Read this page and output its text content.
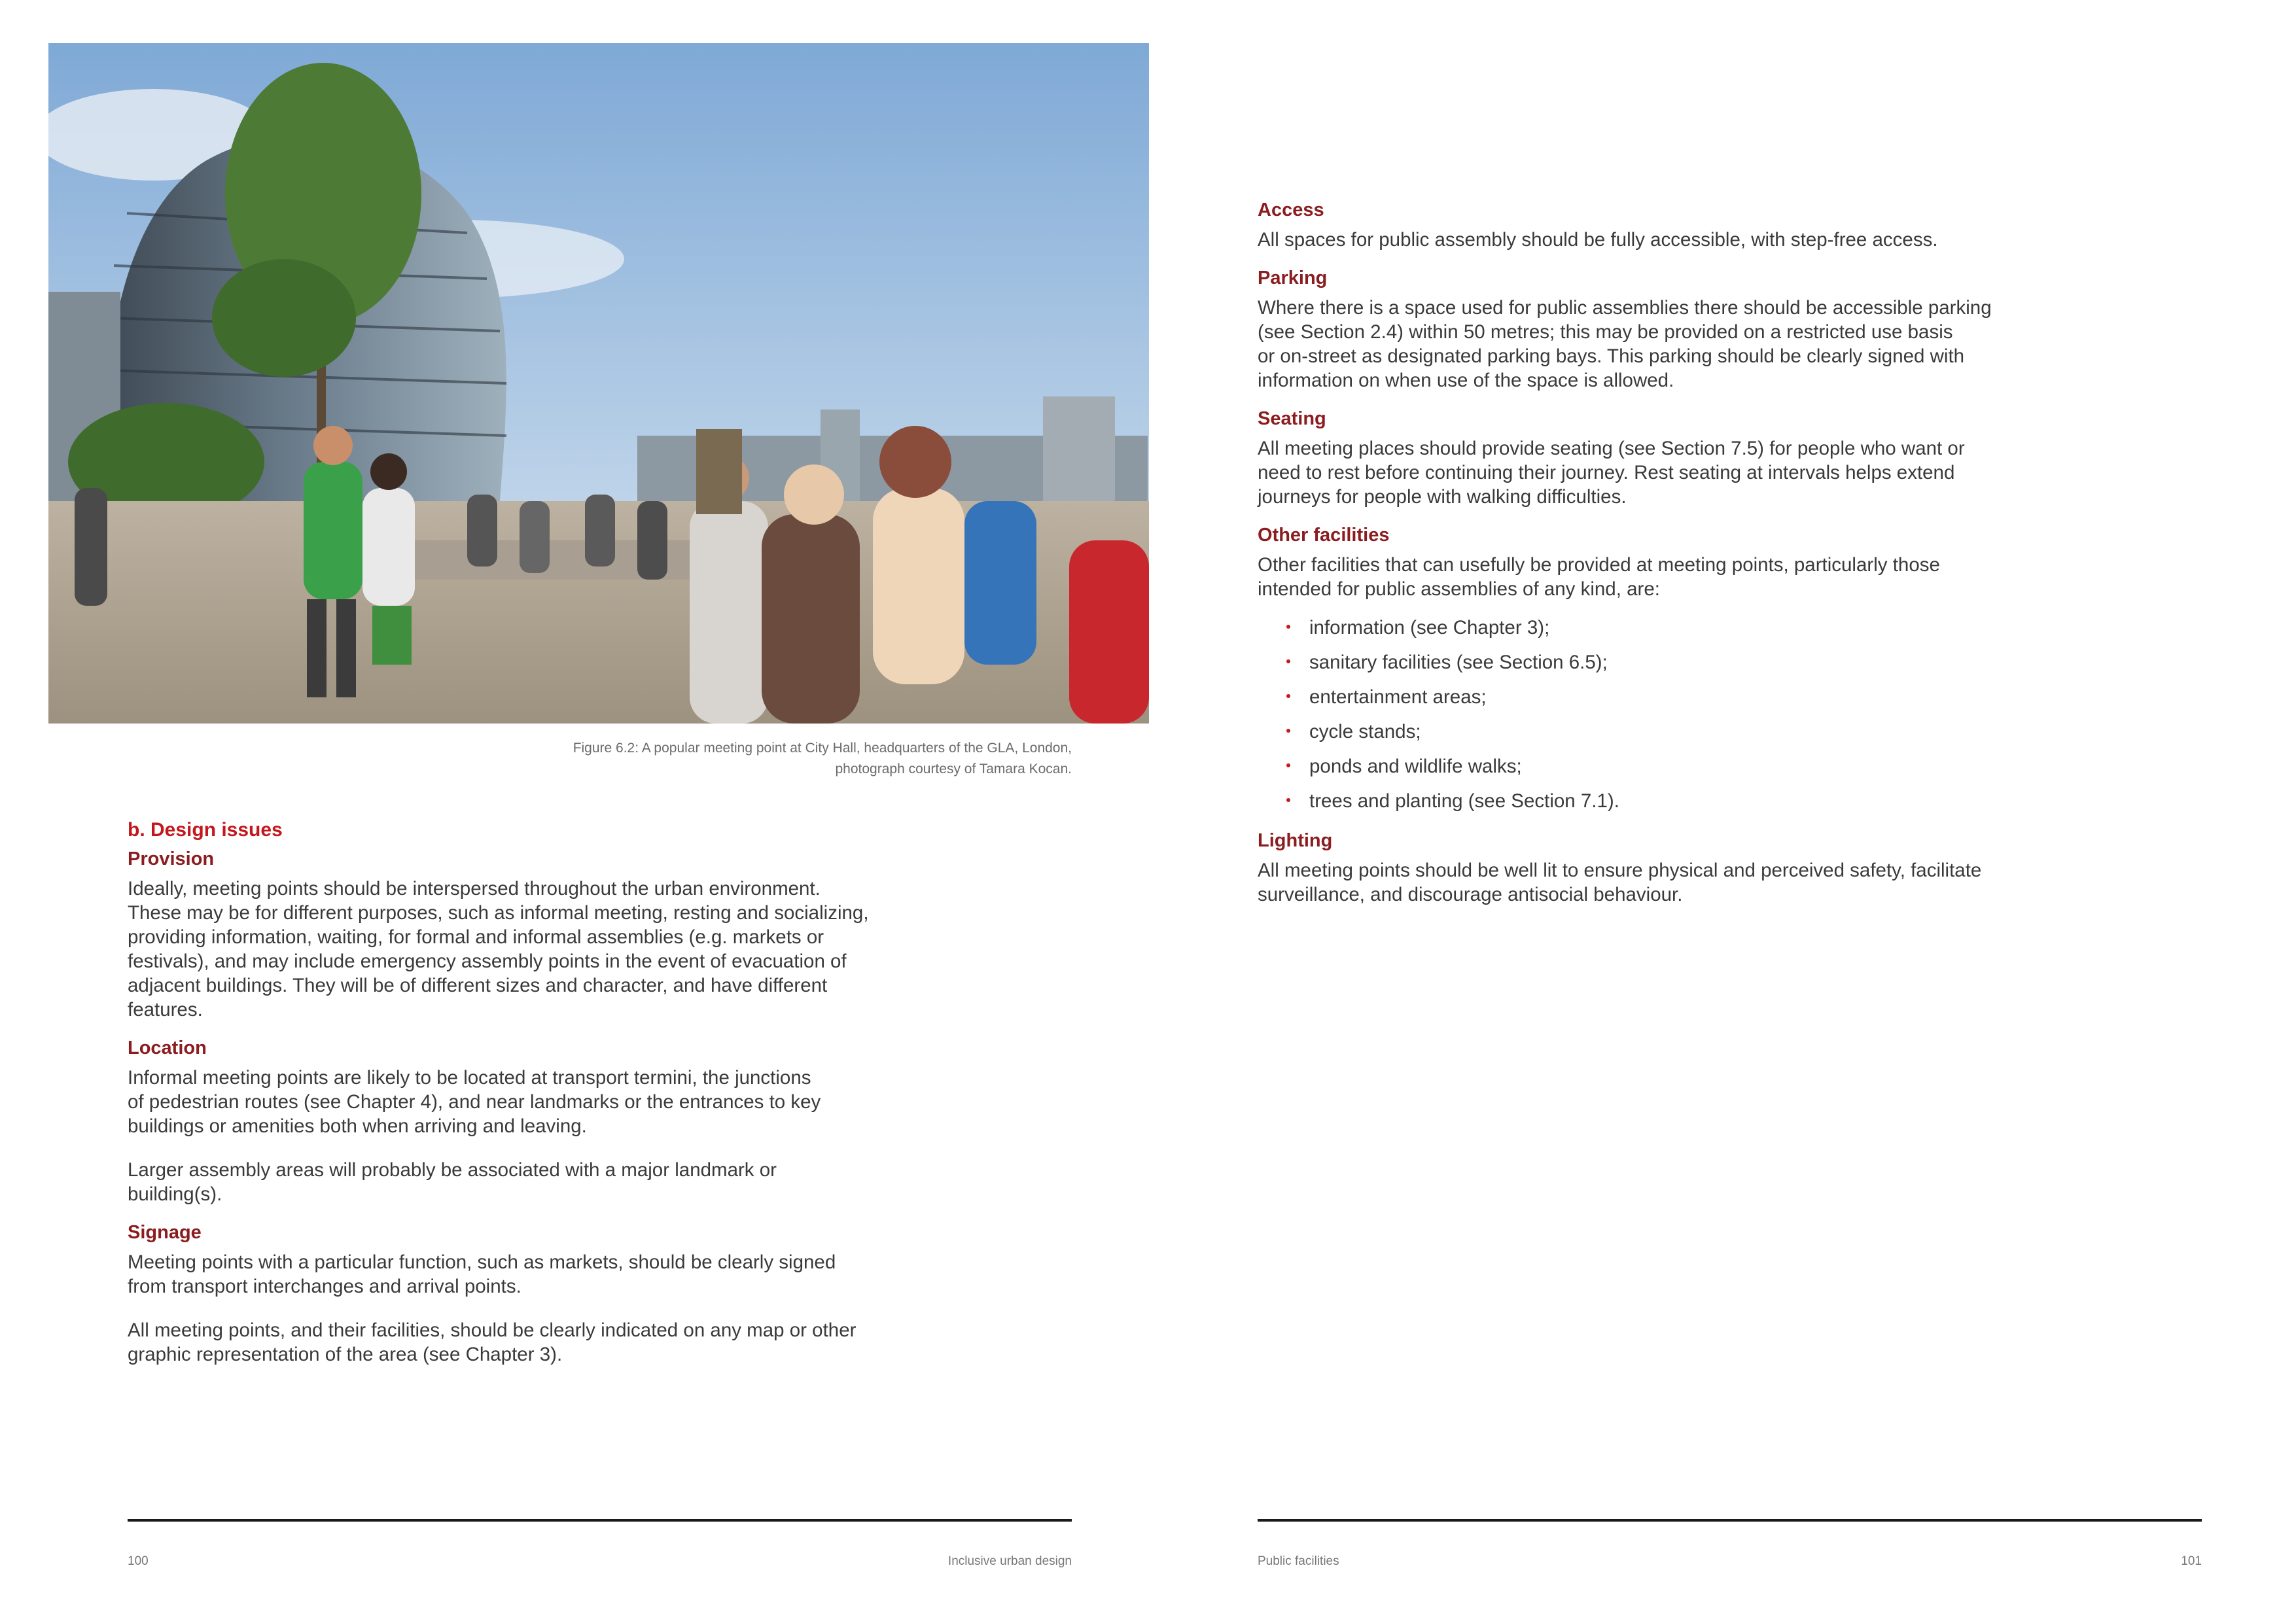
Figure 6.2: A popular meeting point at City Hall, headquarters of the GLA, London,
photograph courtesy of Tamara Kocan.
b. Design issues

Provision

Ideally, meeting points should be interspersed throughout the urban environment.
These may be for different purposes, such as informal meeting, resting and socializing,
providing information, waiting, for formal and informal assemblies (e.g. markets or
festivals), and may include emergency assembly points in the event of evacuation of
adjacent buildings. They will be of different sizes and character, and have different
features.

Location

Informal meeting points are likely to be located at transport termini, the junctions
of pedestrian routes (see Chapter 4), and near landmarks or the entrances to key
buildings or amenities both when arriving and leaving.
Larger assembly areas will probably be associated with a major landmark or
building(s).

Signage

Meeting points with a particular function, such as markets, should be clearly signed
from transport interchanges and arrival points.
All meeting points, and their facilities, should be clearly indicated on any map or other
graphic representation of the area (see Chapter 3).
100	Inclusive urban design

Access

All spaces for public assembly should be fully accessible, with step-free access.

Parking

Where there is a space used for public assemblies there should be accessible parking
(see Section 2.4) within 50 metres; this may be provided on a restricted use basis
or on-street as designated parking bays. This parking should be clearly signed with
information on when use of the space is allowed.

Seating

All meeting places should provide seating (see Section 7.5) for people who want or
need to rest before continuing their journey. Rest seating at intervals helps extend
journeys for people with walking difficulties.

Other facilities

Other facilities that can usefully be provided at meeting points, particularly those
intended for public assemblies of any kind, are:
information (see Chapter 3);
sanitary facilities (see Section 6.5);
entertainment areas;
cycle stands;
ponds and wildlife walks;
trees and planting (see Section 7.1).

Lighting

All meeting points should be well lit to ensure physical and perceived safety, facilitate
surveillance, and discourage antisocial behaviour.
Public facilities	101
